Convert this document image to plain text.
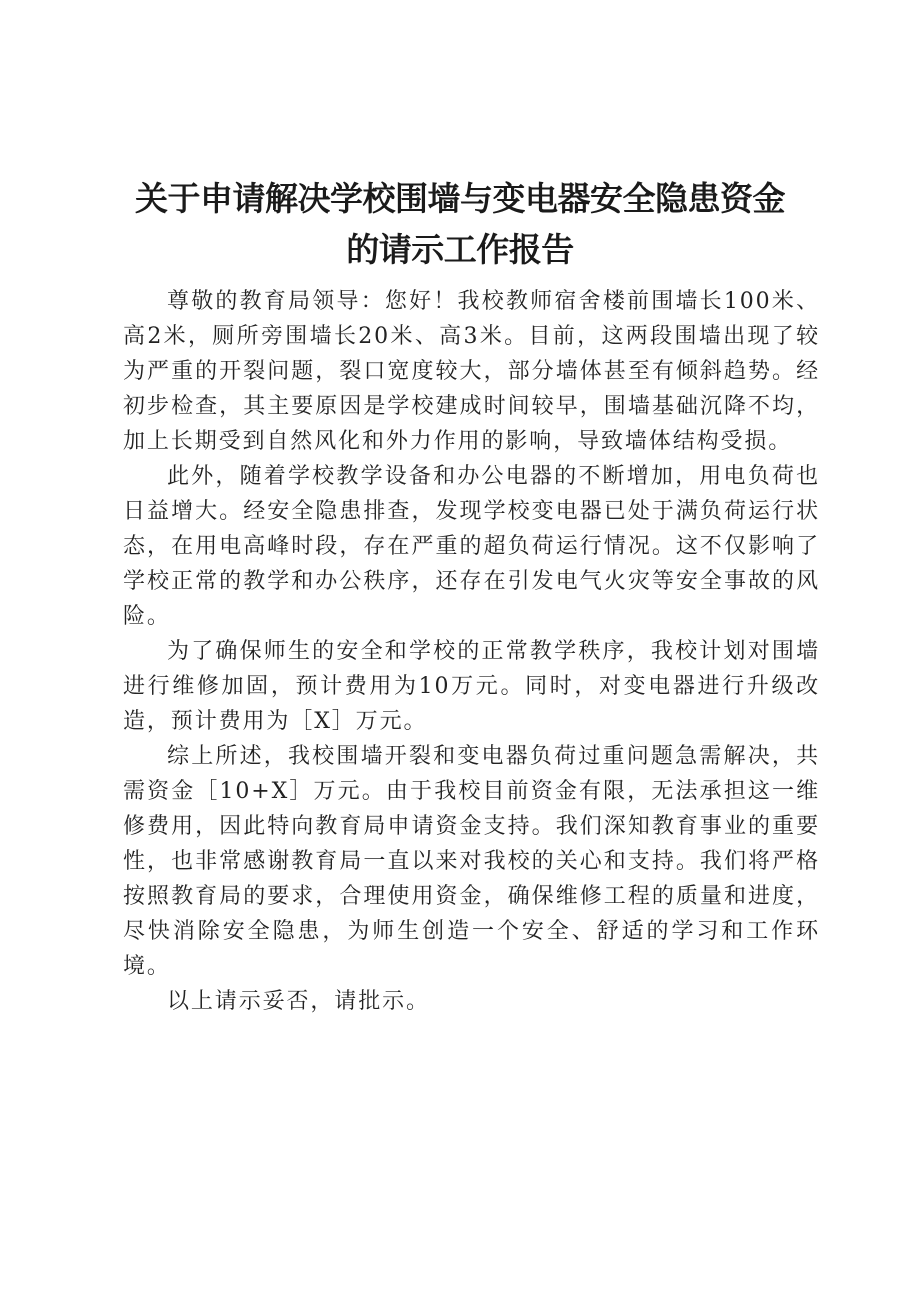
关于申请解决学校围墙与变电器安全隐患资金
的请示工作报告

尊敬的教育局领导：您好！我校教师宿舍楼前围墙长100米、高2米，厕所旁围墙长20米、高3米。目前，这两段围墙出现了较为严重的开裂问题，裂口宽度较大，部分墙体甚至有倾斜趋势。经初步检查，其主要原因是学校建成时间较早，围墙基础沉降不均，加上长期受到自然风化和外力作用的影响，导致墙体结构受损。

此外，随着学校教学设备和办公电器的不断增加，用电负荷也日益增大。经安全隐患排查，发现学校变电器已处于满负荷运行状态，在用电高峰时段，存在严重的超负荷运行情况。这不仅影响了学校正常的教学和办公秩序，还存在引发电气火灾等安全事故的风险。

为了确保师生的安全和学校的正常教学秩序，我校计划对围墙进行维修加固，预计费用为10万元。同时，对变电器进行升级改造，预计费用为［X］万元。

综上所述，我校围墙开裂和变电器负荷过重问题急需解决，共需资金［10+X］万元。由于我校目前资金有限，无法承担这一维修费用，因此特向教育局申请资金支持。我们深知教育事业的重要性，也非常感谢教育局一直以来对我校的关心和支持。我们将严格按照教育局的要求，合理使用资金，确保维修工程的质量和进度，尽快消除安全隐患，为师生创造一个安全、舒适的学习和工作环境。

以上请示妥否，请批示。
